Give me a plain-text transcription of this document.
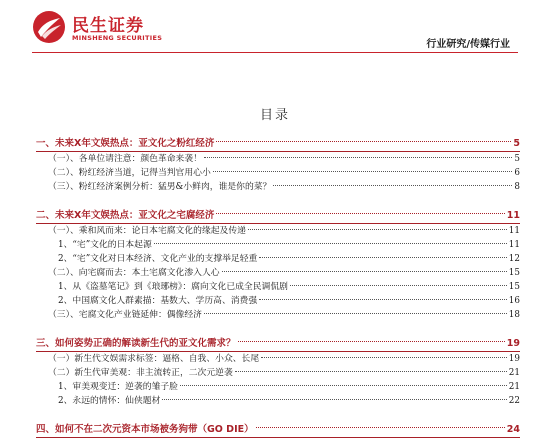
民生证券
MINSHENG SECURITIES
行业研究/传媒行业
目录
一、未来X年文娱热点：亚文化之粉红经济	5
（一）、各单位请注意：颜色革命来袭！	5
（二）、粉红经济当道，记得当判官用心小	6
（三）、粉红经济案例分析：猛男&小鲜肉，谁是你的菜？	8
二、未来X年文娱热点：亚文化之宅腐经济	11
（一）、乘和风而来：论日本宅腐文化的缘起及传递	11
1、“宅”文化的日本起源	11
2、“宅”文化对日本经济、文化产业的支撑举足轻重	12
（二）、向宅腐而去：本土宅腐文化渗入人心	15
1、从《盗墓笔记》到《琅琊榜》：腐向文化已成全民调侃剧	15
2、中国腐文化人群素描：基数大、学历高、消费强	16
（三）、宅腐文化产业链延伸：偶像经济	18
三、如何姿势正确的解读新生代的亚文化需求？	19
（一）新生代文娱需求标签：逼格、自我、小众、长尾	19
（二）新生代审美观：非主流转正，二次元逆袭	21
1、审美观变迁：逆袭的雏子脸	21
2、永远的情怀：仙侠题材	22
四、如何不在二次元资本市场被务狗带（GO DIE）	24
